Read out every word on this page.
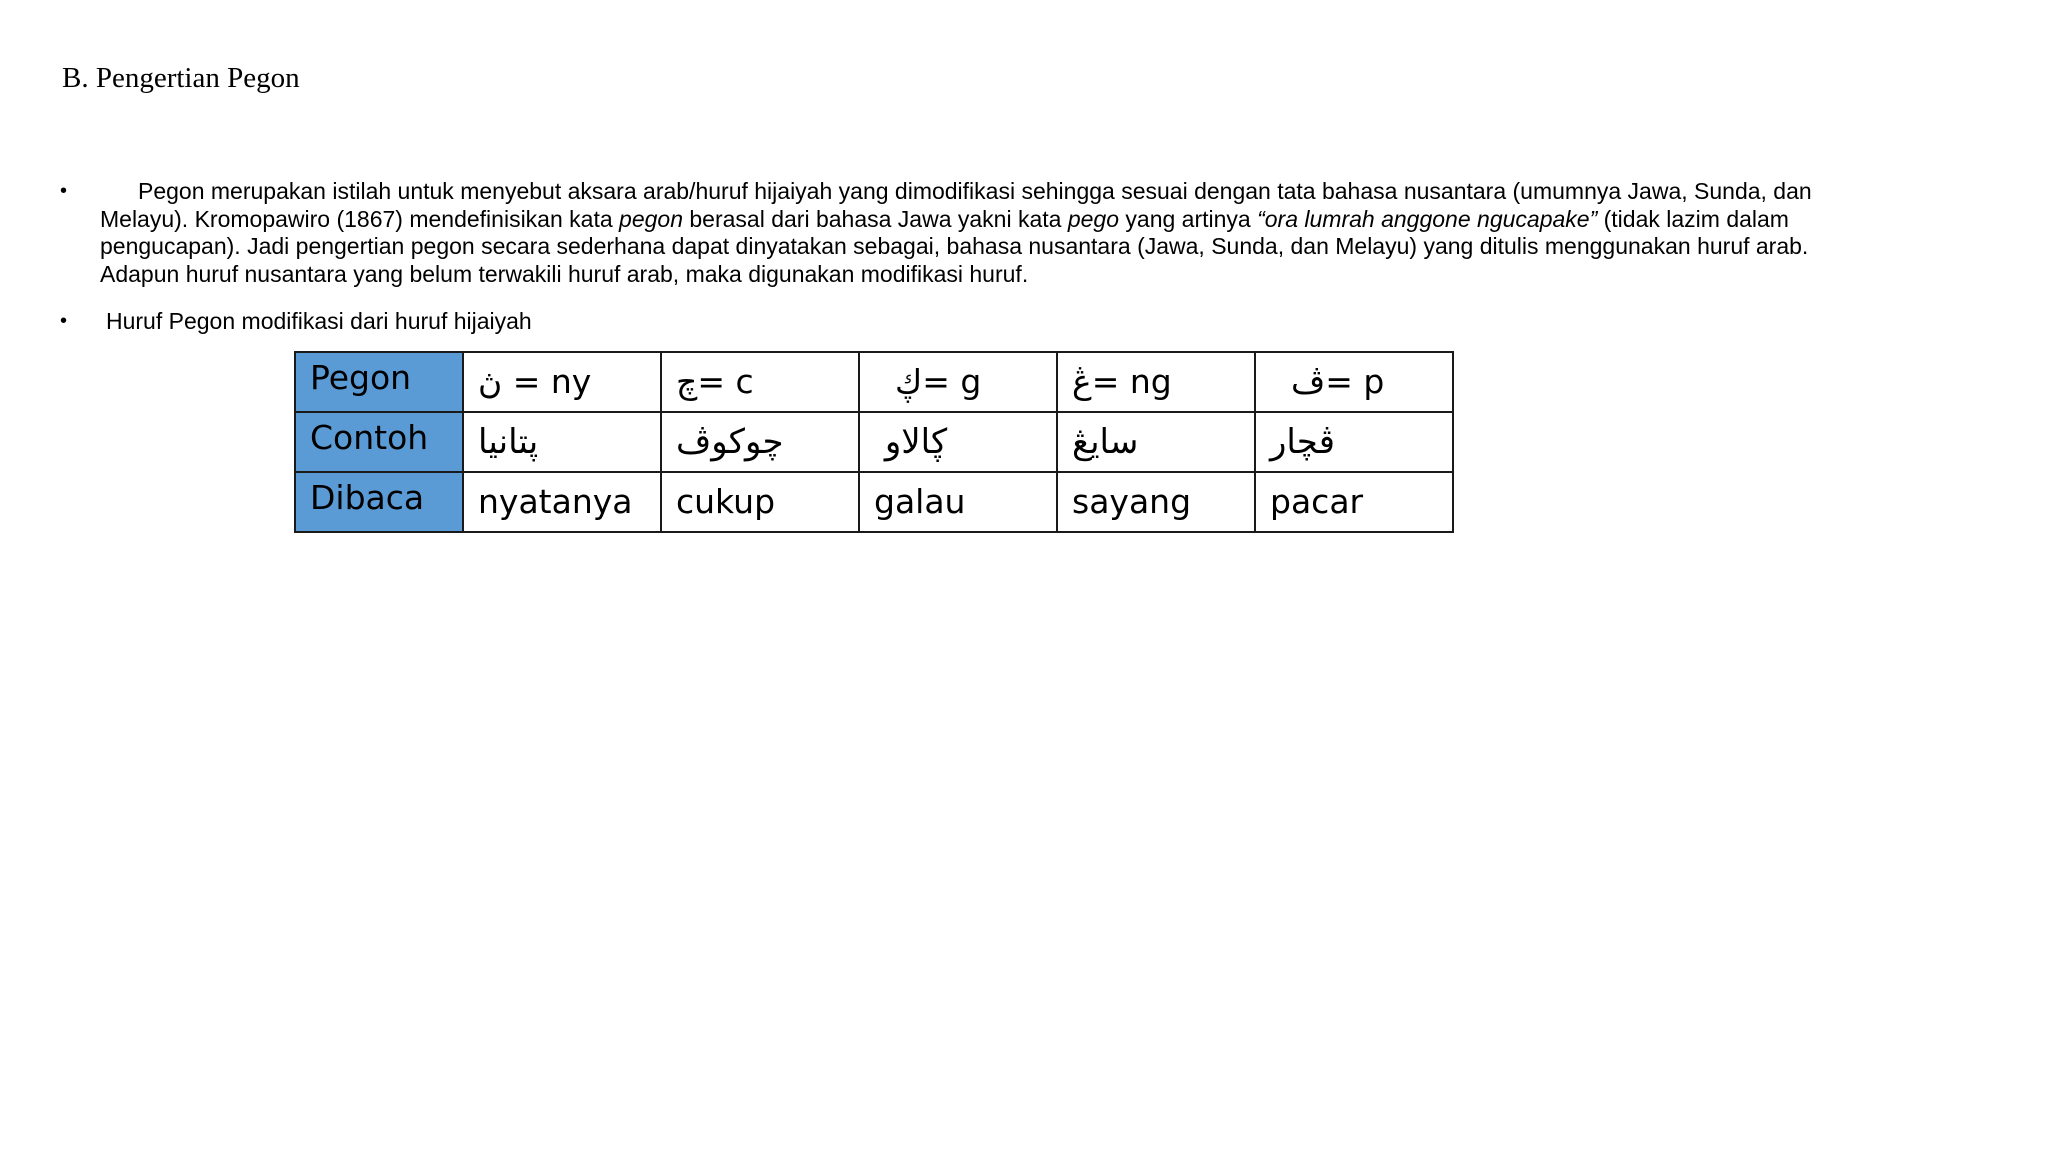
B. Pengertian Pegon
•	Pegon merupakan istilah untuk menyebut aksara arab/huruf hijaiyah yang dimodifikasi sehingga sesuai dengan tata bahasa nusantara (umumnya Jawa, Sunda, dan Melayu). Kromopawiro (1867) mendefinisikan kata pegon berasal dari bahasa Jawa yakni kata pego yang artinya “ora lumrah anggone ngucapake” (tidak lazim dalam pengucapan). Jadi pengertian pegon secara sederhana dapat dinyatakan sebagai, bahasa nusantara (Jawa, Sunda, dan Melayu) yang ditulis menggunakan huruf arab. Adapun huruf nusantara yang belum terwakili huruf arab, maka digunakan modifikasi huruf.
• Huruf Pegon modifikasi dari huruf hijaiyah
Pegon	ڽ = ny	چ= c	ڮ= g	ڠ= ng	ڤ= p
Contoh	ڽتانيا	چوكوڤ	ڮالاو	سايڠ	ڤچار
Dibaca	nyatanya	cukup	galau	sayang	pacar
